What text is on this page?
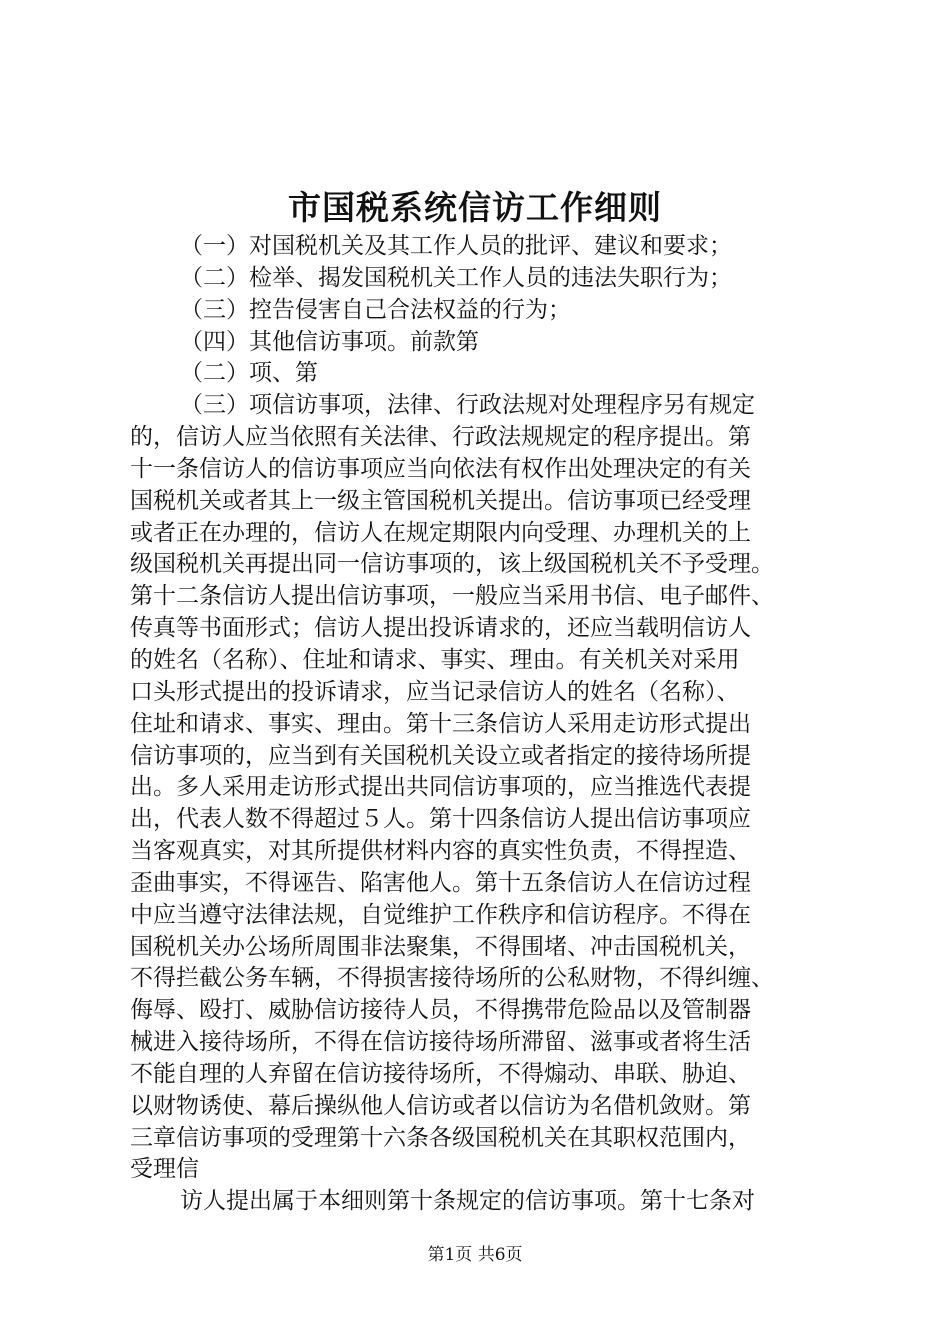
市国税系统信访工作细则
（一）对国税机关及其工作人员的批评、建议和要求；
（二）检举、揭发国税机关工作人员的违法失职行为；
（三）控告侵害自己合法权益的行为；
（四）其他信访事项。前款第
（二）项、第
（三）项信访事项，法律、行政法规对处理程序另有规定
的，信访人应当依照有关法律、行政法规规定的程序提出。第
十一条信访人的信访事项应当向依法有权作出处理决定的有关
国税机关或者其上一级主管国税机关提出。信访事项已经受理
或者正在办理的，信访人在规定期限内向受理、办理机关的上
级国税机关再提出同一信访事项的，该上级国税机关不予受理。
第十二条信访人提出信访事项，一般应当采用书信、电子邮件、
传真等书面形式；信访人提出投诉请求的，还应当载明信访人
的姓名（名称）、住址和请求、事实、理由。有关机关对采用
口头形式提出的投诉请求，应当记录信访人的姓名（名称）、
住址和请求、事实、理由。第十三条信访人采用走访形式提出
信访事项的，应当到有关国税机关设立或者指定的接待场所提
出。多人采用走访形式提出共同信访事项的，应当推选代表提
出，代表人数不得超过５人。第十四条信访人提出信访事项应
当客观真实，对其所提供材料内容的真实性负责，不得捏造、
歪曲事实，不得诬告、陷害他人。第十五条信访人在信访过程
中应当遵守法律法规，自觉维护工作秩序和信访程序。不得在
国税机关办公场所周围非法聚集，不得围堵、冲击国税机关，
不得拦截公务车辆，不得损害接待场所的公私财物，不得纠缠、
侮辱、殴打、威胁信访接待人员，不得携带危险品以及管制器
械进入接待场所，不得在信访接待场所滞留、滋事或者将生活
不能自理的人弃留在信访接待场所，不得煽动、串联、胁迫、
以财物诱使、幕后操纵他人信访或者以信访为名借机敛财。第
三章信访事项的受理第十六条各级国税机关在其职权范围内，
受理信
访人提出属于本细则第十条规定的信访事项。第十七条对
第1页 共6页
